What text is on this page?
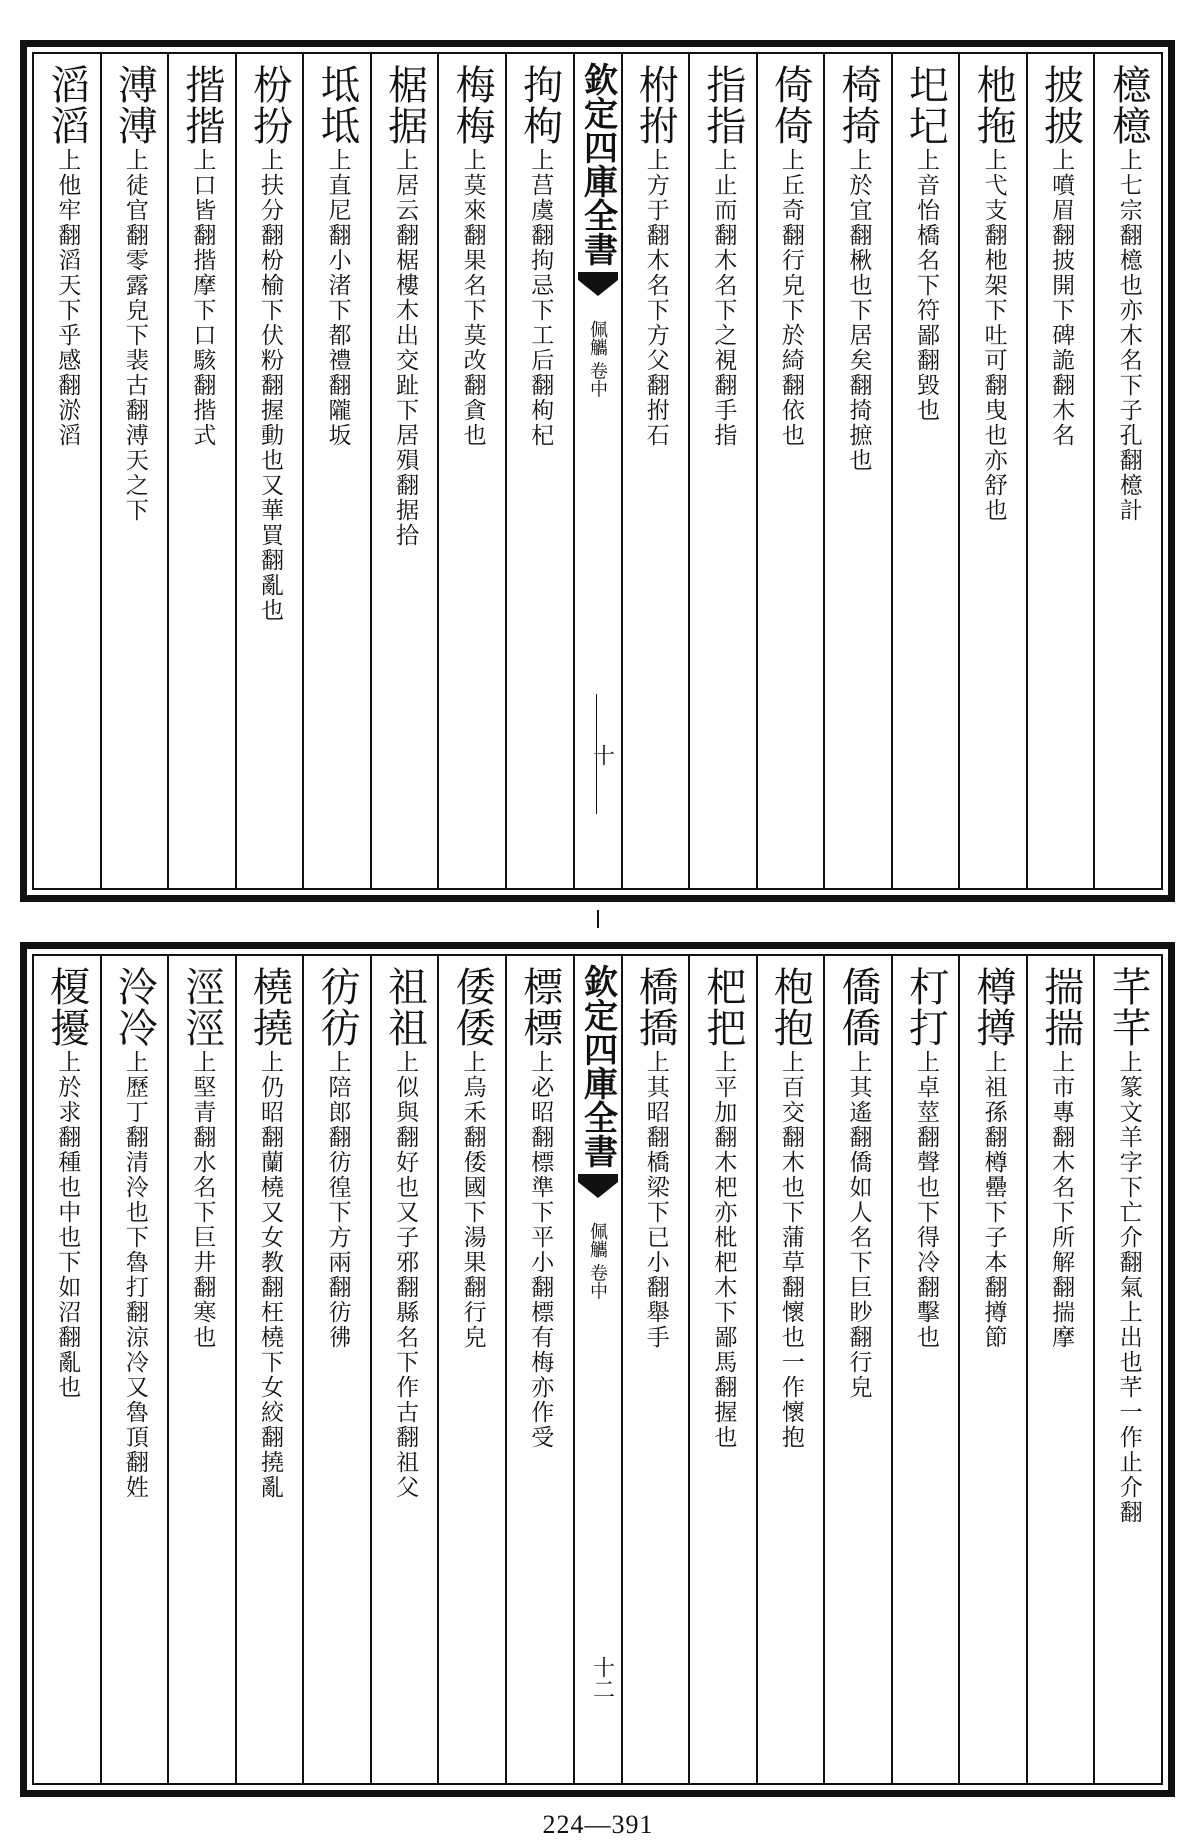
檍檍
上七宗翻檍也亦木名下子孔翻檍計
披披
上噴眉翻披開下碑詭翻木名
杝拖
上弋支翻杝架下吐可翻曳也亦舒也
圯圮
上音怡橋名下符鄙翻毀也
椅掎
上於宜翻楸也下居矣翻掎摭也
倚倚
上丘奇翻行皃下於綺翻依也
指指
上止而翻木名下之視翻手指
柎拊
上方于翻木名下方父翻拊石
欽定四庫全書
佩觿 卷中
十
拘枸
上莒虞翻拘忌下工后翻枸杞
梅梅
上莫來翻果名下莫改翻貪也
椐据
上居云翻椐樓木出交趾下居殞翻据拾
坻坻
上直尼翻小渚下都禮翻隴坂
枌扮
上扶分翻枌榆下伏粉翻握動也又華買翻亂也
揩揩
上口皆翻揩摩下口駭翻揩式
溥溥
上徒官翻零露皃下裴古翻溥天之下
滔滔
上他牢翻滔天下乎感翻淤滔
芊芊
上篆文羊字下亡介翻氣上出也芊一作止介翻
揣揣
上市專翻木名下所解翻揣摩
樽撙
上祖孫翻樽罍下子本翻撙節
朾打
上卓莖翻聲也下得冷翻擊也
僑僑
上其遙翻僑如人名下巨眇翻行皃
枹抱
上百交翻木也下蒲草翻懷也一作懷抱
杷把
上平加翻木杷亦枇杷木下鄙馬翻握也
橋撟
上其昭翻橋梁下已小翻舉手
欽定四庫全書
佩觿 卷中
十二
標標
上必昭翻標準下平小翻標有梅亦作受
倭倭
上烏禾翻倭國下湯果翻行皃
祖祖
上似與翻好也又子邪翻縣名下作古翻祖父
彷彷
上陪郎翻彷徨下方兩翻彷彿
橈撓
上仍昭翻蘭橈又女教翻枉橈下女絞翻撓亂
涇涇
上堅青翻水名下巨井翻寒也
泠冷
上歷丁翻清泠也下魯打翻涼冷又魯頂翻姓
榎擾
上於求翻種也中也下如沼翻亂也
224—391
